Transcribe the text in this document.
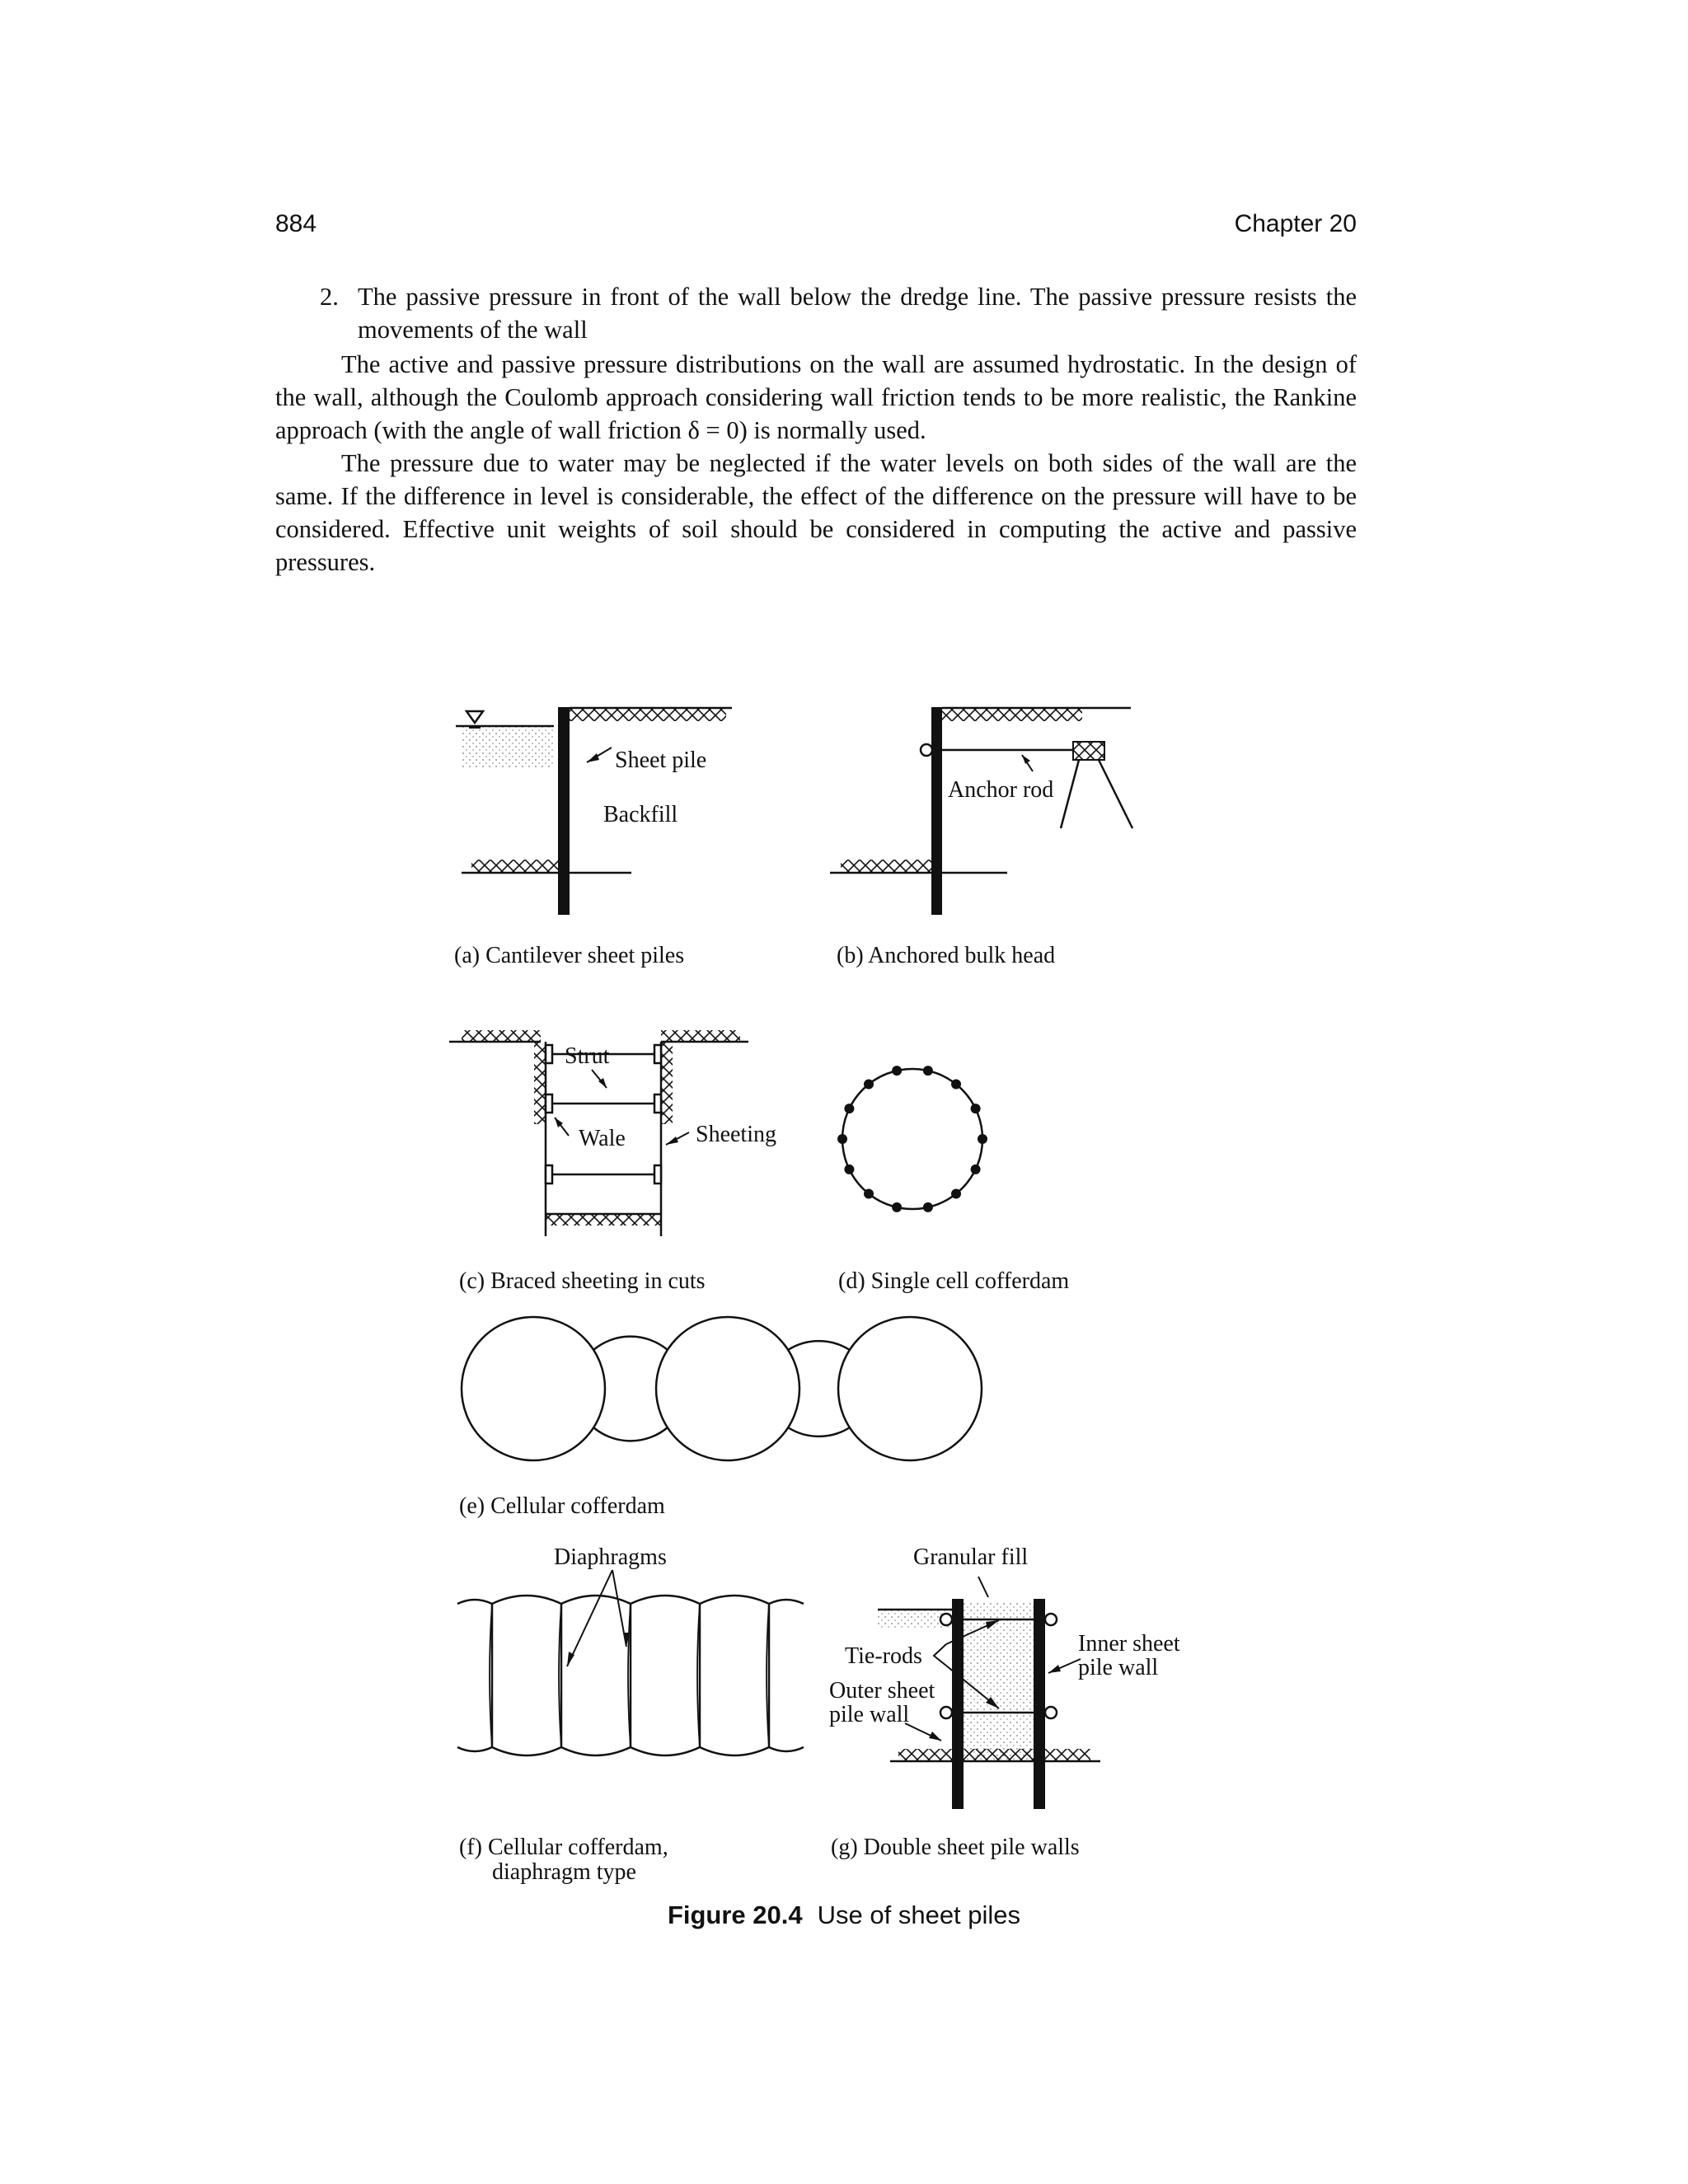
884	Chapter 20
2. The passive pressure in front of the wall below the dredge line. The passive pressure resists the movements of the wall
The active and passive pressure distributions on the wall are assumed hydrostatic. In the design of the wall, although the Coulomb approach considering wall friction tends to be more realistic, the Rankine approach (with the angle of wall friction δ = 0) is normally used.
The pressure due to water may be neglected if the water levels on both sides of the wall are the same. If the difference in level is considerable, the effect of the difference on the pressure will have to be considered. Effective unit weights of soil should be considered in computing the active and passive pressures.
Sheet pile
Backfill
(a) Cantilever sheet piles
Anchor rod
(b) Anchored bulk head
Strut
Wale	Sheeting
(c) Braced sheeting in cuts	(d) Single cell cofferdam
(e) Cellular cofferdam
Diaphragms
(f) Cellular cofferdam,
diaphragm type
Granular fill
Tie-rods
Outer sheet
pile wall
Inner sheet
pile wall
(g) Double sheet pile walls
Figure 20.4 Use of sheet piles
